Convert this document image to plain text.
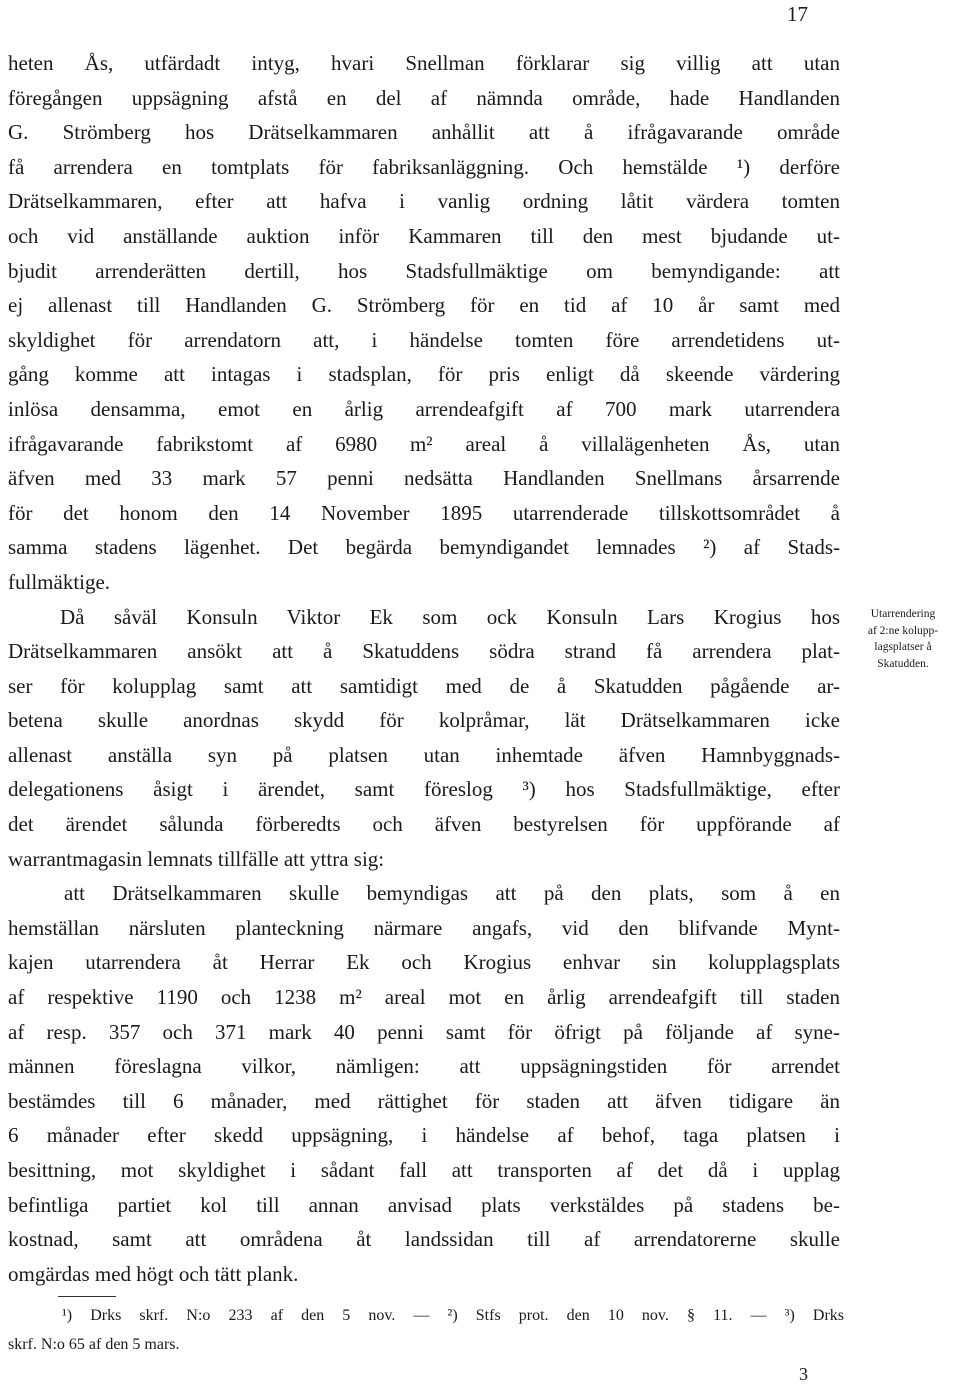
17
heten Ås, utfärdadt intyg, hvari Snellman förklarar sig villig att utan
föregången uppsägning afstå en del af nämnda område, hade Handlanden
G. Strömberg hos Drätselkammaren anhållit att å ifrågavarande område
få arrendera en tomtplats för fabriksanläggning. Och hemstälde ¹) derföre
Drätselkammaren, efter att hafva i vanlig ordning låtit värdera tomten
och vid anställande auktion inför Kammaren till den mest bjudande ut-
bjudit arrenderätten dertill, hos Stadsfullmäktige om bemyndigande: att
ej allenast till Handlanden G. Strömberg för en tid af 10 år samt med
skyldighet för arrendatorn att, i händelse tomten före arrendetidens ut-
gång komme att intagas i stadsplan, för pris enligt då skeende värdering
inlösa densamma, emot en årlig arrendeafgift af 700 mark utarrendera
ifrågavarande fabrikstomt af 6980 m² areal å villalägenheten Ås, utan
äfven med 33 mark 57 penni nedsätta Handlanden Snellmans årsarrende
för det honom den 14 November 1895 utarrenderade tillskottsområdet å
samma stadens lägenhet. Det begärda bemyndigandet lemnades ²) af Stads-
fullmäktige.
Då såväl Konsuln Viktor Ek som ock Konsuln Lars Krogius hos
Drätselkammaren ansökt att å Skatuddens södra strand få arrendera plat-
ser för kolupplag samt att samtidigt med de å Skatudden pågående ar-
betena skulle anordnas skydd för kolpråmar, lät Drätselkammaren icke
allenast anställa syn på platsen utan inhemtade äfven Hamnbyggnads-
delegationens åsigt i ärendet, samt föreslog ³) hos Stadsfullmäktige, efter
det ärendet sålunda förberedts och äfven bestyrelsen för uppförande af
warrantmagasin lemnats tillfälle att yttra sig:
att Drätselkammaren skulle bemyndigas att på den plats, som å en
hemställan närsluten planteckning närmare angafs, vid den blifvande Mynt-
kajen utarrendera åt Herrar Ek och Krogius enhvar sin kolupplagsplats
af respektive 1190 och 1238 m² areal mot en årlig arrendeafgift till staden
af resp. 357 och 371 mark 40 penni samt för öfrigt på följande af syne-
männen föreslagna vilkor, nämligen: att uppsägningstiden för arrendet
bestämdes till 6 månader, med rättighet för staden att äfven tidigare än
6 månader efter skedd uppsägning, i händelse af behof, taga platsen i
besittning, mot skyldighet i sådant fall att transporten af det då i upplag
befintliga partiet kol till annan anvisad plats verkstäldes på stadens be-
kostnad, samt att områdena åt landssidan till af arrendatorerne skulle
omgärdas med högt och tätt plank.
Utarrendering
af 2:ne kolupp-
lagsplatser å
Skatudden.
¹) Drks skrf. N:o 233 af den 5 nov. — ²) Stfs prot. den 10 nov. § 11. — ³) Drks
skrf. N:o 65 af den 5 mars.
3
